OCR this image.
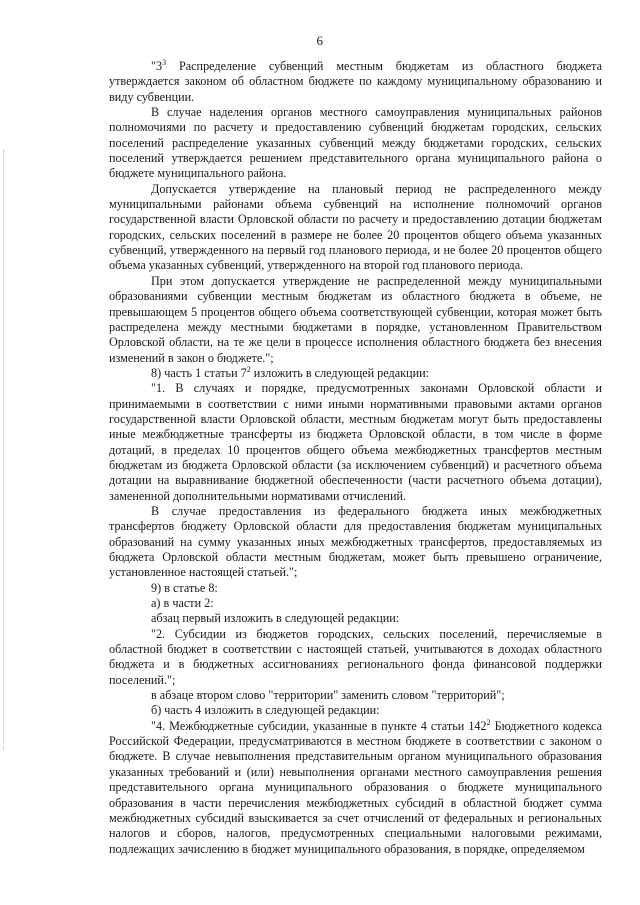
6

"$3^3$ Распределение субвенций местным бюджетам из областного бюджета утверждается законом об областном бюджете по каждому муниципальному образованию и виду субвенции.

В случае наделения органов местного самоуправления муниципальных районов полномочиями по расчету и предоставлению субвенций бюджетам городских, сельских поселений распределение указанных субвенций между бюджетами городских, сельских поселений утверждается решением представительного органа муниципального района о бюджете муниципального района.

Допускается утверждение на плановый период не распределенного между муниципальными районами объема субвенций на исполнение полномочий органов государственной власти Орловской области по расчету и предоставлению дотации бюджетам городских, сельских поселений в размере не более 20 процентов общего объема указанных субвенций, утвержденного на первый год планового периода, и не более 20 процентов общего объема указанных субвенций, утвержденного на второй год планового периода.

При этом допускается утверждение не распределенной между муниципальными образованиями субвенции местным бюджетам из областного бюджета в объеме, не превышающем 5 процентов общего объема соответствующей субвенции, которая может быть распределена между местными бюджетами в порядке, установленном Правительством Орловской области, на те же цели в процессе исполнения областного бюджета без внесения изменений в закон о бюджете.";

8) часть 1 статьи $7^2$ изложить в следующей редакции:

"1. В случаях и порядке, предусмотренных законами Орловской области и принимаемыми в соответствии с ними иными нормативными правовыми актами органов государственной власти Орловской области, местным бюджетам могут быть предоставлены иные межбюджетные трансферты из бюджета Орловской области, в том числе в форме дотаций, в пределах 10 процентов общего объема межбюджетных трансфертов местным бюджетам из бюджета Орловской области (за исключением субвенций) и расчетного объема дотации на выравнивание бюджетной обеспеченности (части расчетного объема дотации), замененной дополнительными нормативами отчислений.

В случае предоставления из федерального бюджета иных межбюджетных трансфертов бюджету Орловской области для предоставления бюджетам муниципальных образований на сумму указанных иных межбюджетных трансфертов, предоставляемых из бюджета Орловской области местным бюджетам, может быть превышено ограничение, установленное настоящей статьей.";

9) в статье 8:

а) в части 2:

абзац первый изложить в следующей редакции:

"2. Субсидии из бюджетов городских, сельских поселений, перечисляемые в областной бюджет в соответствии с настоящей статьей, учитываются в доходах областного бюджета и в бюджетных ассигнованиях регионального фонда финансовой поддержки поселений.";

в абзаце втором слово "территории" заменить словом "территорий";

б) часть 4 изложить в следующей редакции:

"4. Межбюджетные субсидии, указанные в пункте 4 статьи $142^2$ Бюджетного кодекса Российской Федерации, предусматриваются в местном бюджете в соответствии с законом о бюджете. В случае невыполнения представительным органом муниципального образования указанных требований и (или) невыполнения органами местного самоуправления решения представительного органа муниципального образования о бюджете муниципального образования в части перечисления межбюджетных субсидий в областной бюджет сумма межбюджетных субсидий взыскивается за счет отчислений от федеральных и региональных налогов и сборов, налогов, предусмотренных специальными налоговыми режимами, подлежащих зачислению в бюджет муниципального образования, в порядке, определяемом
